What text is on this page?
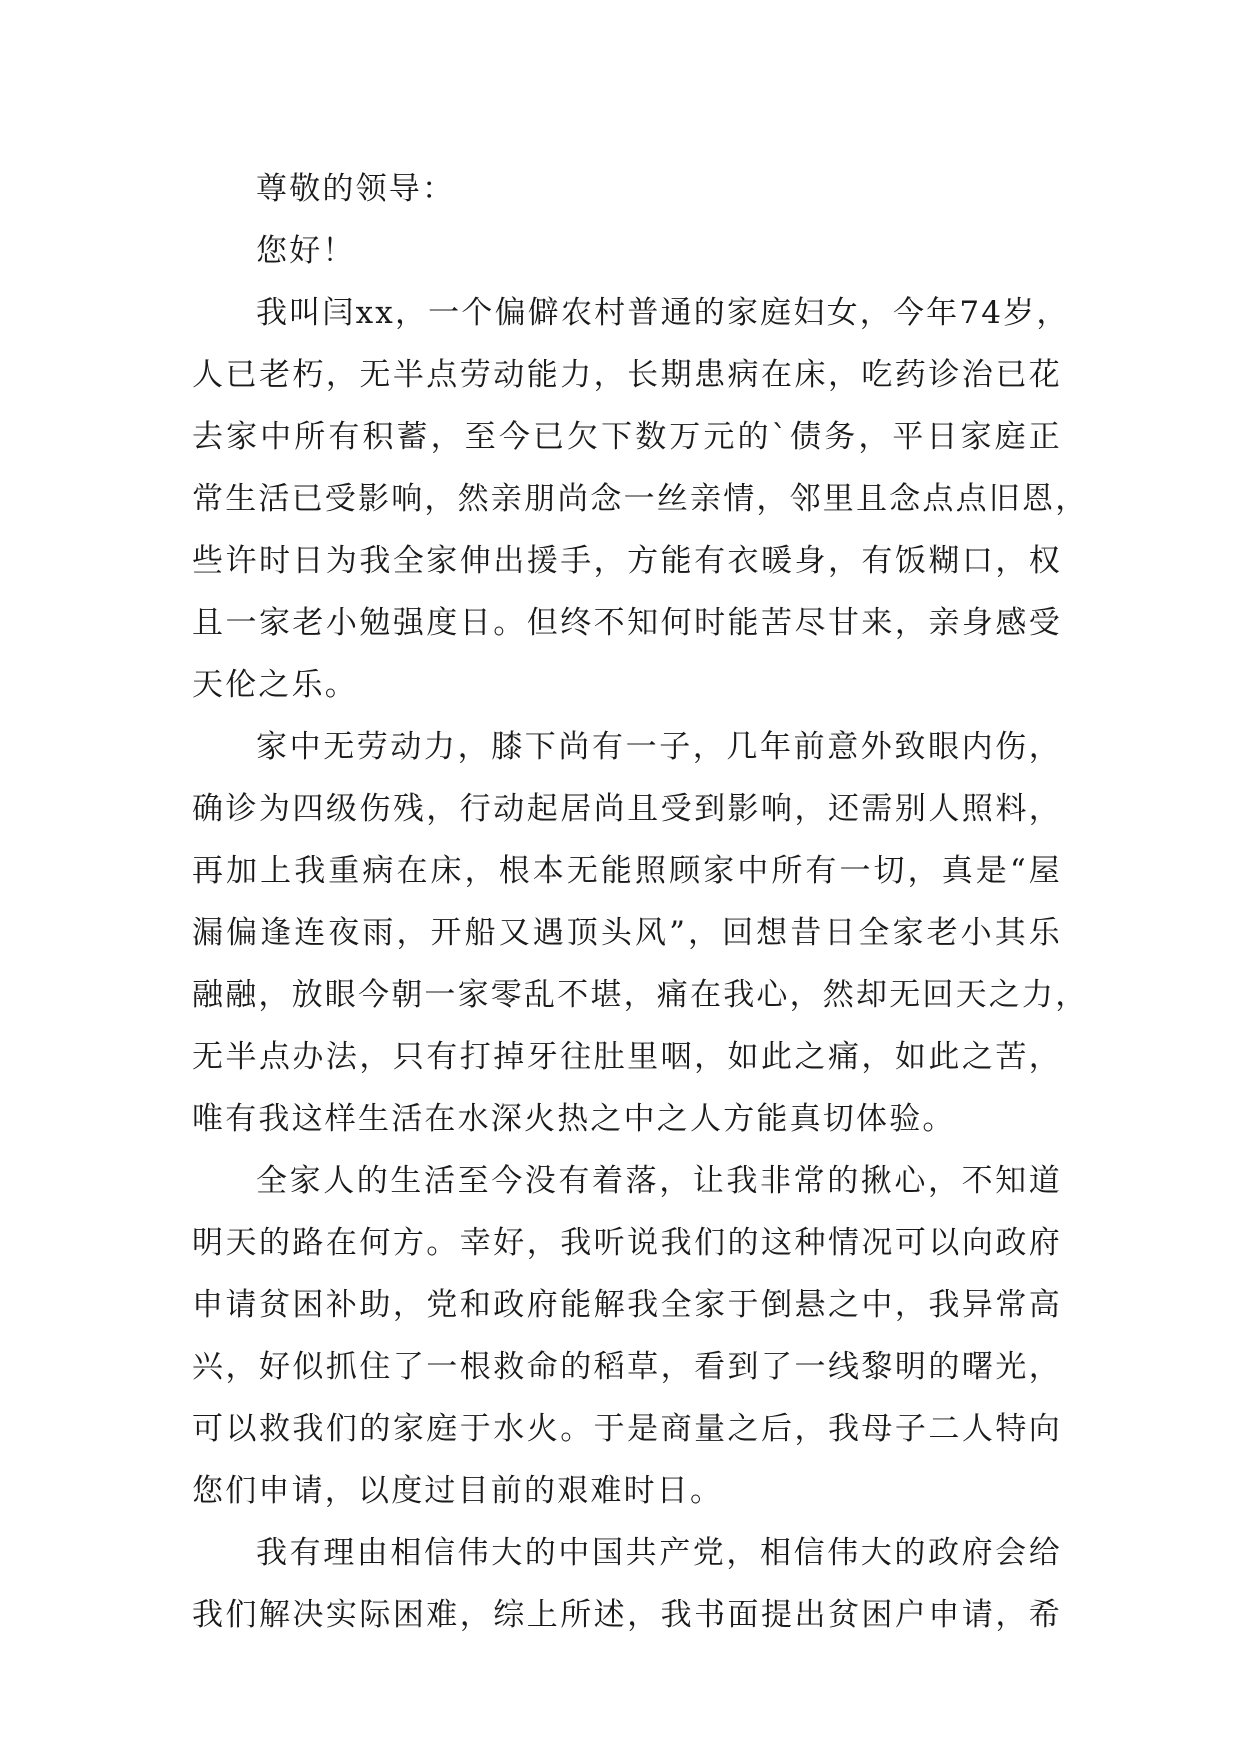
尊敬的领导：
您好！
我叫闫xx，一个偏僻农村普通的家庭妇女，今年74岁，
人已老朽，无半点劳动能力，长期患病在床，吃药诊治已花
去家中所有积蓄，至今已欠下数万元的`债务，平日家庭正
常生活已受影响，然亲朋尚念一丝亲情，邻里且念点点旧恩，
些许时日为我全家伸出援手，方能有衣暖身，有饭糊口，权
且一家老小勉强度日。但终不知何时能苦尽甘来，亲身感受
天伦之乐。
家中无劳动力，膝下尚有一子，几年前意外致眼内伤，
确诊为四级伤残，行动起居尚且受到影响，还需别人照料，
再加上我重病在床，根本无能照顾家中所有一切，真是“屋
漏偏逢连夜雨，开船又遇顶头风”，回想昔日全家老小其乐
融融，放眼今朝一家零乱不堪，痛在我心，然却无回天之力，
无半点办法，只有打掉牙往肚里咽，如此之痛，如此之苦，
唯有我这样生活在水深火热之中之人方能真切体验。
全家人的生活至今没有着落，让我非常的揪心，不知道
明天的路在何方。幸好，我听说我们的这种情况可以向政府
申请贫困补助，党和政府能解我全家于倒悬之中，我异常高
兴，好似抓住了一根救命的稻草，看到了一线黎明的曙光，
可以救我们的家庭于水火。于是商量之后，我母子二人特向
您们申请，以度过目前的艰难时日。
我有理由相信伟大的中国共产党，相信伟大的政府会给
我们解决实际困难，综上所述，我书面提出贫困户申请，希
